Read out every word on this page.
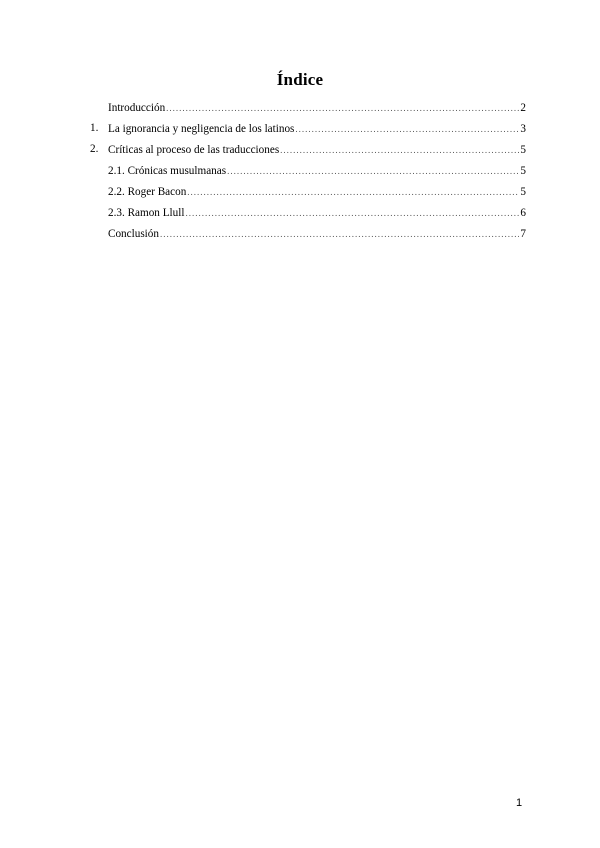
Índice
Introducción .....	2
1. La ignorancia y negligencia de los latinos .....	3
2. Críticas al proceso de las traducciones .....	5
2.1. Crónicas musulmanas .....	5
2.2. Roger Bacon .....	5
2.3. Ramon Llull .....	6
Conclusión .....	7
1
